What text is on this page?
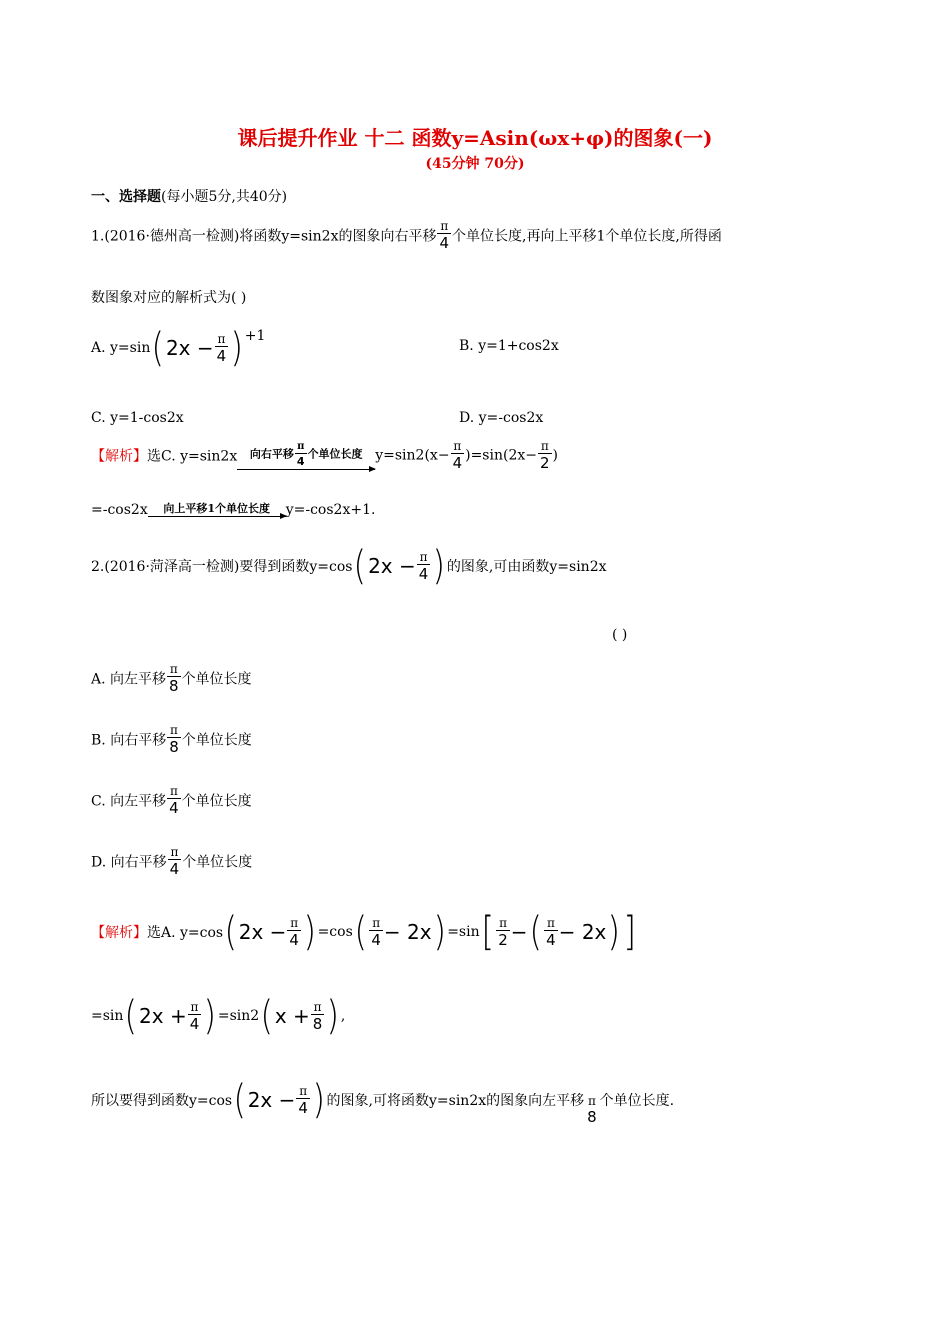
课后提升作业 十二 函数y=Asin(ωx+φ)的图象(一)
(45分钟 70分)
一、选择题(每小题5分,共40分)
1.(2016·德州高一检测)将函数y=sin2x的图象向右平移 $\frac{\pi}{4}$ 个单位长度,再向上平移1个单位长度,所得函
数图象对应的解析式为( )
A. $y=\sin(2x - \frac{\pi}{4}$ ) +1
B. y=1+cos2x
C. y=1-cos2x	D. y=-cos2x
【解析】选C. y=sin2x	向右平移 $\frac{\pi}{4}$ 个单位长度 $y=\sin 2(x- \frac{\pi}{4} )=\sin(2x- \frac{\pi}{2}$ )
=-cos2x	向上平移1个单位长度	y=-cos2x+1.
2.(2016·菏泽高一检测)要得到函数$y=\cos(2x - \frac{\pi}{4}$ ) 的图象,可由函数y=sin2x
( )
A. 向左平移 $\frac{\pi}{8}$ 个单位长度
B. 向右平移 $\frac{\pi}{8}$ 个单位长度
C. 向左平移 $\frac{\pi}{4}$ 个单位长度
D. 向右平移 $\frac{\pi}{4}$ 个单位长度
【解析】选A. $y=\cos(2x - \frac{\pi}{4}$ ) $=\cos( \frac{\pi}{4} - 2x) =\sin[ \frac{\pi}{2}$ −( $\frac{\pi}{4} - 2x$)]
$=\sin(2x + \frac{\pi}{4}$ ) $=\sin 2(x + \frac{\pi}{8}$ ) ,
所以要得到函数$y=\cos(2x - \frac{\pi}{4}$ ) 的图象,可将函数y=sin2x的图象向左平移 π
8
个单位长度.
